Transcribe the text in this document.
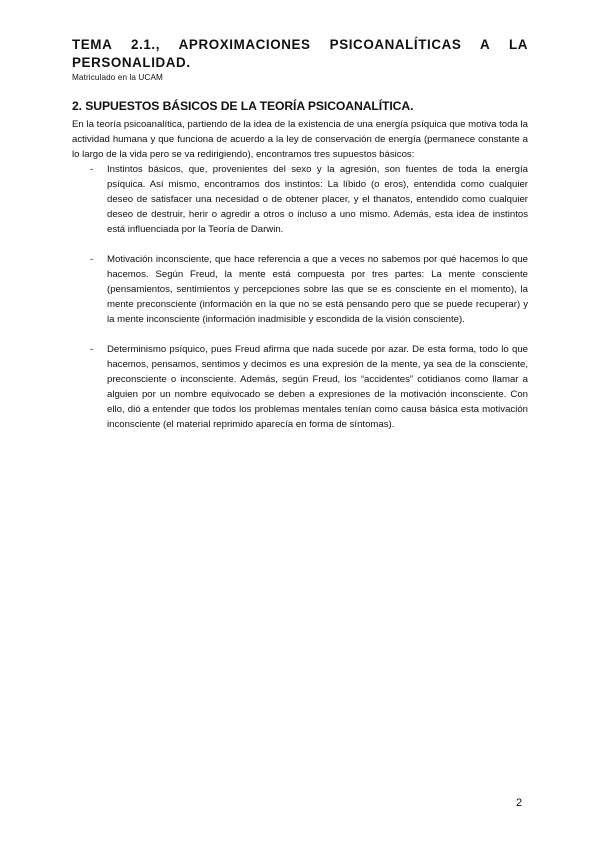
TEMA 2.1., APROXIMACIONES PSICOANALÍTICAS A LA PERSONALIDAD.
Matriculado en la UCAM
2. SUPUESTOS BÁSICOS DE LA TEORÍA PSICOANALÍTICA.

En la teoría psicoanalítica, partiendo de la idea de la existencia de una energía psíquica que motiva toda la actividad humana y que funciona de acuerdo a la ley de conservación de energía (permanece constante a lo largo de la vida pero se va redirigiendo), encontramos tres supuestos básicos:

- Instintos básicos, que, provenientes del sexo y la agresión, son fuentes de toda la energía psíquica. Así mismo, encontramos dos instintos: La líbido (o eros), entendida como cualquier deseo de satisfacer una necesidad o de obtener placer, y el thanatos, entendido como cualquier deseo de destruir, herir o agredir a otros o incluso a uno mismo. Además, esta idea de instintos está influenciada por la Teoría de Darwin.
- Motivación inconsciente, que hace referencia a que a veces no sabemos por qué hacemos lo que hacemos. Según Freud, la mente está compuesta por tres partes: La mente consciente (pensamientos, sentimientos y percepciones sobre las que se es consciente en el momento), la mente preconsciente (información en la que no se está pensando pero que se puede recuperar) y la mente inconsciente (información inadmisible y escondida de la visión consciente).
- Determinismo psíquico, pues Freud afirma que nada sucede por azar. De esta forma, todo lo que hacemos, pensamos, sentimos y decimos es una expresión de la mente, ya sea de la consciente, preconsciente o inconsciente. Además, según Freud, los “accidentes” cotidianos como llamar a alguien por un nombre equivocado se deben a expresiones de la motivación inconsciente. Con ello, dió a entender que todos los problemas mentales tenían como causa básica esta motivación inconsciente (el material reprimido aparecía en forma de síntomas).
2
